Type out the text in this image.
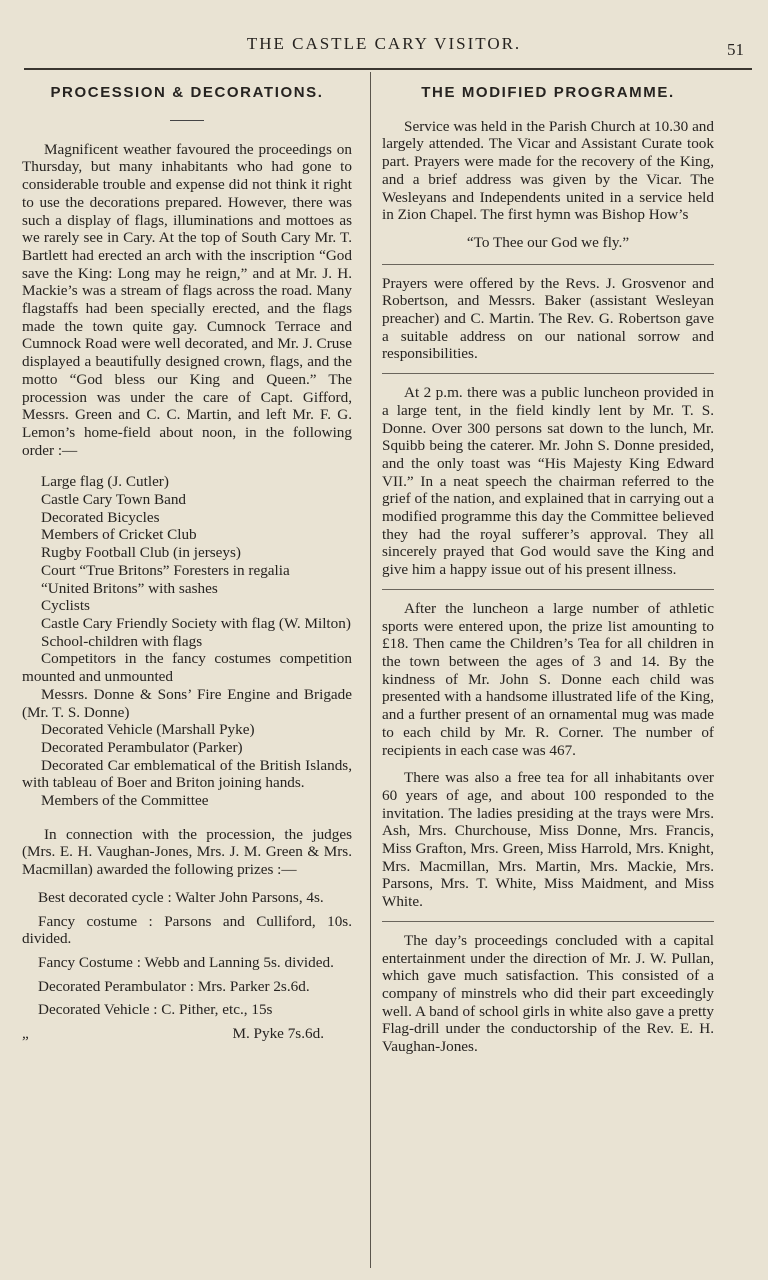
THE CASTLE CARY VISITOR.	51
PROCESSION & DECORATIONS.

Magnificent weather favoured the proceedings on Thursday, but many inhabitants who had gone to considerable trouble and expense did not think it right to use the decorations prepared. However, there was such a display of flags, illuminations and mottoes as we rarely see in Cary. At the top of South Cary Mr. T. Bartlett had erected an arch with the inscription “God save the King: Long may he reign,” and at Mr. J. H. Mackie’s was a stream of flags across the road. Many flagstaffs had been specially erected, and the flags made the town quite gay. Cumnock Terrace and Cumnock Road were well decorated, and Mr. J. Cruse displayed a beautifully designed crown, flags, and the motto “God bless our King and Queen.” The procession was under the care of Capt. Gifford, Messrs. Green and C. C. Martin, and left Mr. F. G. Lemon’s home-field about noon, in the following order :—

Large flag (J. Cutler)
Castle Cary Town Band
Decorated Bicycles
Members of Cricket Club
Rugby Football Club (in jerseys)
Court “True Britons” Foresters in regalia
“United Britons” with sashes
Cyclists
Castle Cary Friendly Society with flag (W. Milton)
School-children with flags
Competitors in the fancy costumes competition mounted and unmounted
Messrs. Donne & Sons’ Fire Engine and Brigade (Mr. T. S. Donne)
Decorated Vehicle (Marshall Pyke)
Decorated Perambulator (Parker)
Decorated Car emblematical of the British Islands, with tableau of Boer and Briton joining hands.
Members of the Committee

In connection with the procession, the judges (Mrs. E. H. Vaughan-Jones, Mrs. J. M. Green & Mrs. Macmillan) awarded the following prizes :—

Best decorated cycle : Walter John Parsons, 4s.
Fancy costume : Parsons and Culliford, 10s. divided.
Fancy Costume : Webb and Lanning 5s. divided.
Decorated Perambulator : Mrs. Parker 2s.6d.
Decorated Vehicle : C. Pither, etc., 15s
„	M. Pyke 7s.6d.
THE MODIFIED PROGRAMME.

Service was held in the Parish Church at 10.30 and largely attended. The Vicar and Assistant Curate took part. Prayers were made for the recovery of the King, and a brief address was given by the Vicar. The Wesleyans and Independents united in a service held in Zion Chapel. The first hymn was Bishop How’s

“To Thee our God we fly.”

Prayers were offered by the Revs. J. Grosvenor and Robertson, and Messrs. Baker (assistant Wesleyan preacher) and C. Martin. The Rev. G. Robertson gave a suitable address on our national sorrow and responsibilities.

At 2 p.m. there was a public luncheon provided in a large tent, in the field kindly lent by Mr. T. S. Donne. Over 300 persons sat down to the lunch, Mr. Squibb being the caterer. Mr. John S. Donne presided, and the only toast was “His Majesty King Edward VII.” In a neat speech the chairman referred to the grief of the nation, and explained that in carrying out a modified programme this day the Committee believed they had the royal sufferer’s approval. They all sincerely prayed that God would save the King and give him a happy issue out of his present illness.

After the luncheon a large number of athletic sports were entered upon, the prize list amounting to £18. Then came the Children’s Tea for all children in the town between the ages of 3 and 14. By the kindness of Mr. John S. Donne each child was presented with a handsome illustrated life of the King, and a further present of an ornamental mug was made to each child by Mr. R. Corner. The number of recipients in each case was 467.

There was also a free tea for all inhabitants over 60 years of age, and about 100 responded to the invitation. The ladies presiding at the trays were Mrs. Ash, Mrs. Churchouse, Miss Donne, Mrs. Francis, Miss Grafton, Mrs. Green, Miss Harrold, Mrs. Knight, Mrs. Macmillan, Mrs. Martin, Mrs. Mackie, Mrs. Parsons, Mrs. T. White, Miss Maidment, and Miss White.

The day’s proceedings concluded with a capital entertainment under the direction of Mr. J. W. Pullan, which gave much satisfaction. This consisted of a company of minstrels who did their part exceedingly well. A band of school girls in white also gave a pretty Flag-drill under the conductorship of the Rev. E. H. Vaughan-Jones.
